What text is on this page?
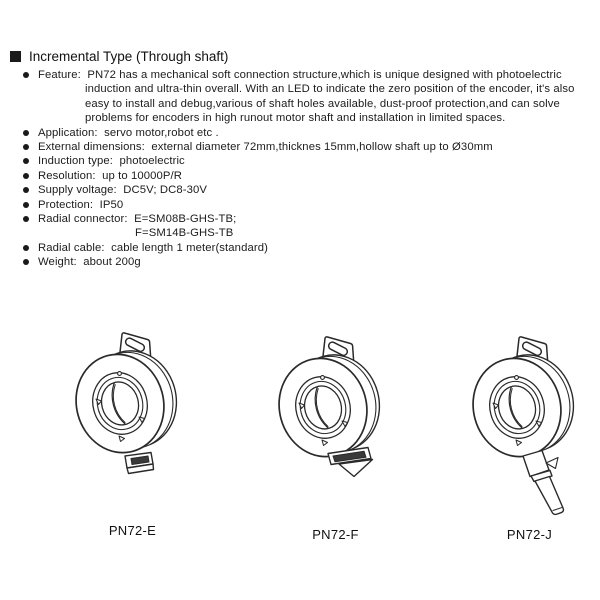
Incremental Type (Through shaft)
Feature:  PN72 has a mechanical soft connection structure,which is unique designed with photoelectric
induction and ultra-thin overall. With an LED to indicate the zero position of the encoder, it's also
easy to install and debug,various of shaft holes available, dust-proof protection,and can solve
problems for encoders in high runout motor shaft and installation in limited spaces.
Application:  servo motor,robot etc .
External dimensions:  external diameter 72mm,thicknes 15mm,hollow shaft up to Ø30mm
Induction type:  photoelectric
Resolution:  up to 10000P/R
Supply voltage:  DC5V; DC8-30V
Protection:  IP50
Radial connector:  E=SM08B-GHS-TB;
F=SM14B-GHS-TB
Radial cable:  cable length 1 meter(standard)
Weight:  about 200g
PN72-E	PN72-F	PN72-J
